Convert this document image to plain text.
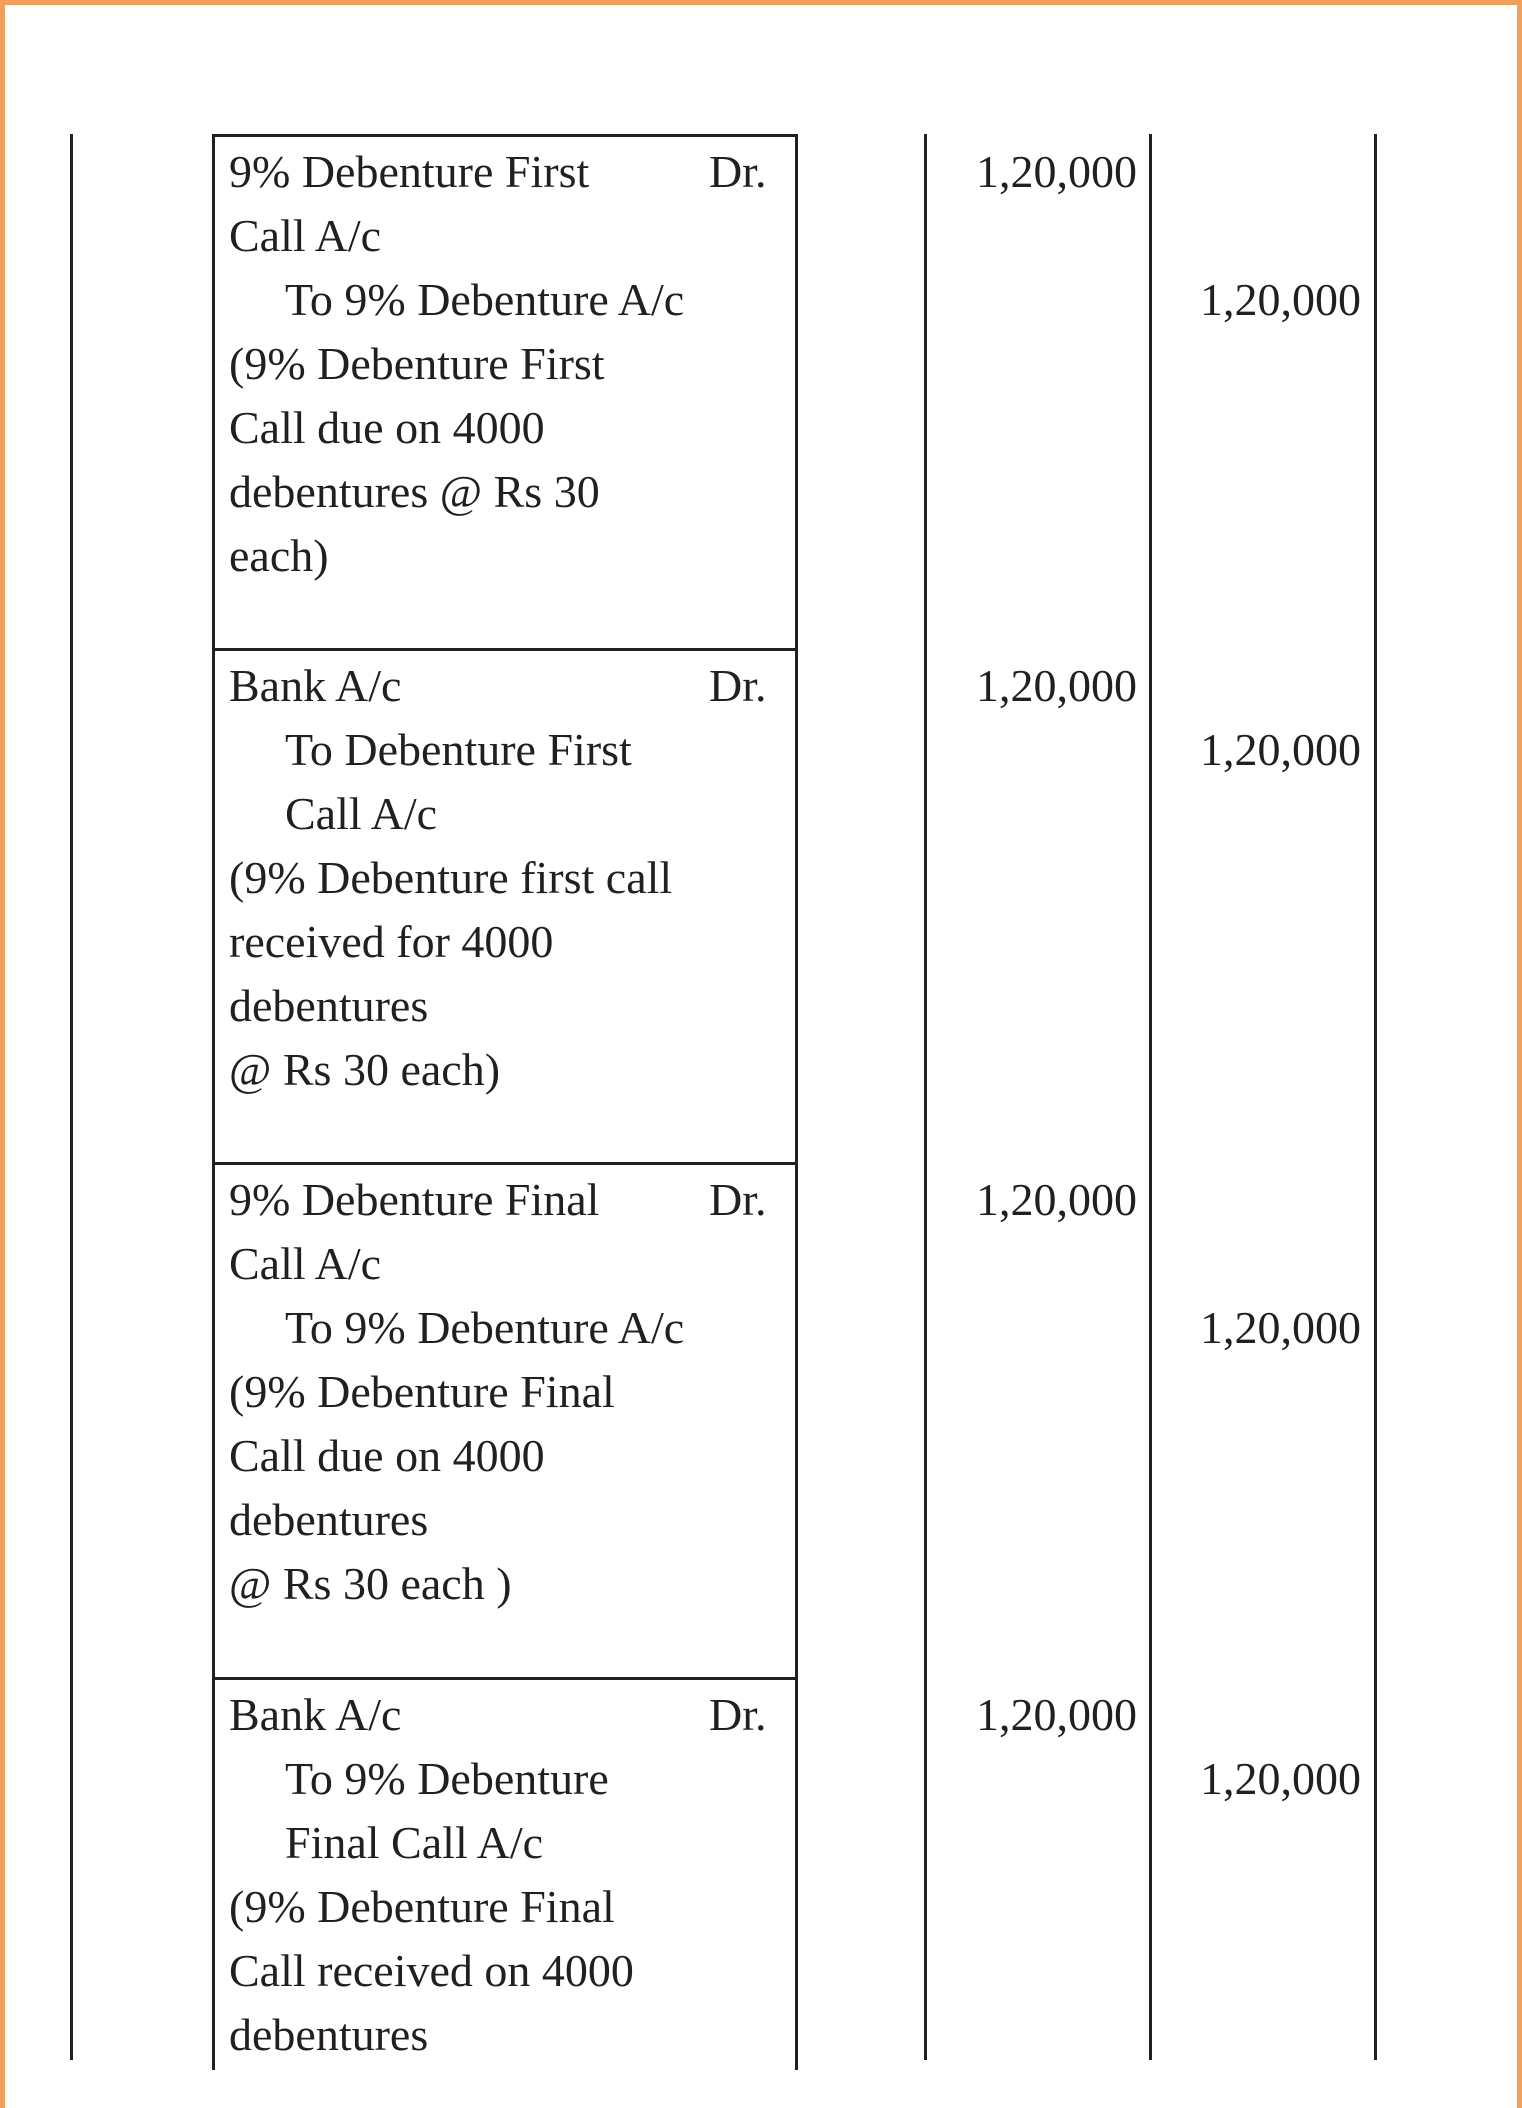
9% Debenture First
Call A/c
To 9% Debenture A/c
(9% Debenture First
Call due on 4000
debentures @ Rs 30
each)
Dr.	1,20,000
1,20,000
Bank A/c
To Debenture First
Call A/c
(9% Debenture first call
received for 4000
debentures
@ Rs 30 each)
Dr.	1,20,000
1,20,000
9% Debenture Final
Call A/c
To 9% Debenture A/c
(9% Debenture Final
Call due on 4000
debentures
@ Rs 30 each )
Dr.	1,20,000
1,20,000
Bank A/c
To 9% Debenture
Final Call A/c
(9% Debenture Final
Call received on 4000
debentures
Dr.	1,20,000
1,20,000
